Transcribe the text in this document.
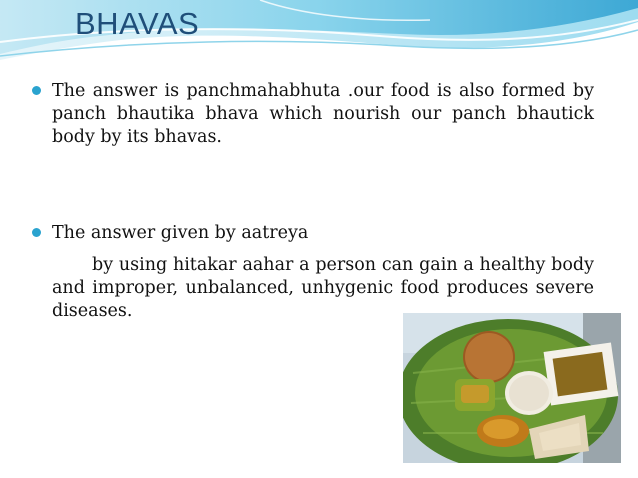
BHAVAS
The answer is panchmahabhuta .our food is also formed by panch bhautika bhava which nourish our panch bhautick body by its bhavas.
The answer given by aatreya
by using hitakar aahar a person can gain a healthy body and improper, unbalanced, unhygenic food produces severe diseases.
